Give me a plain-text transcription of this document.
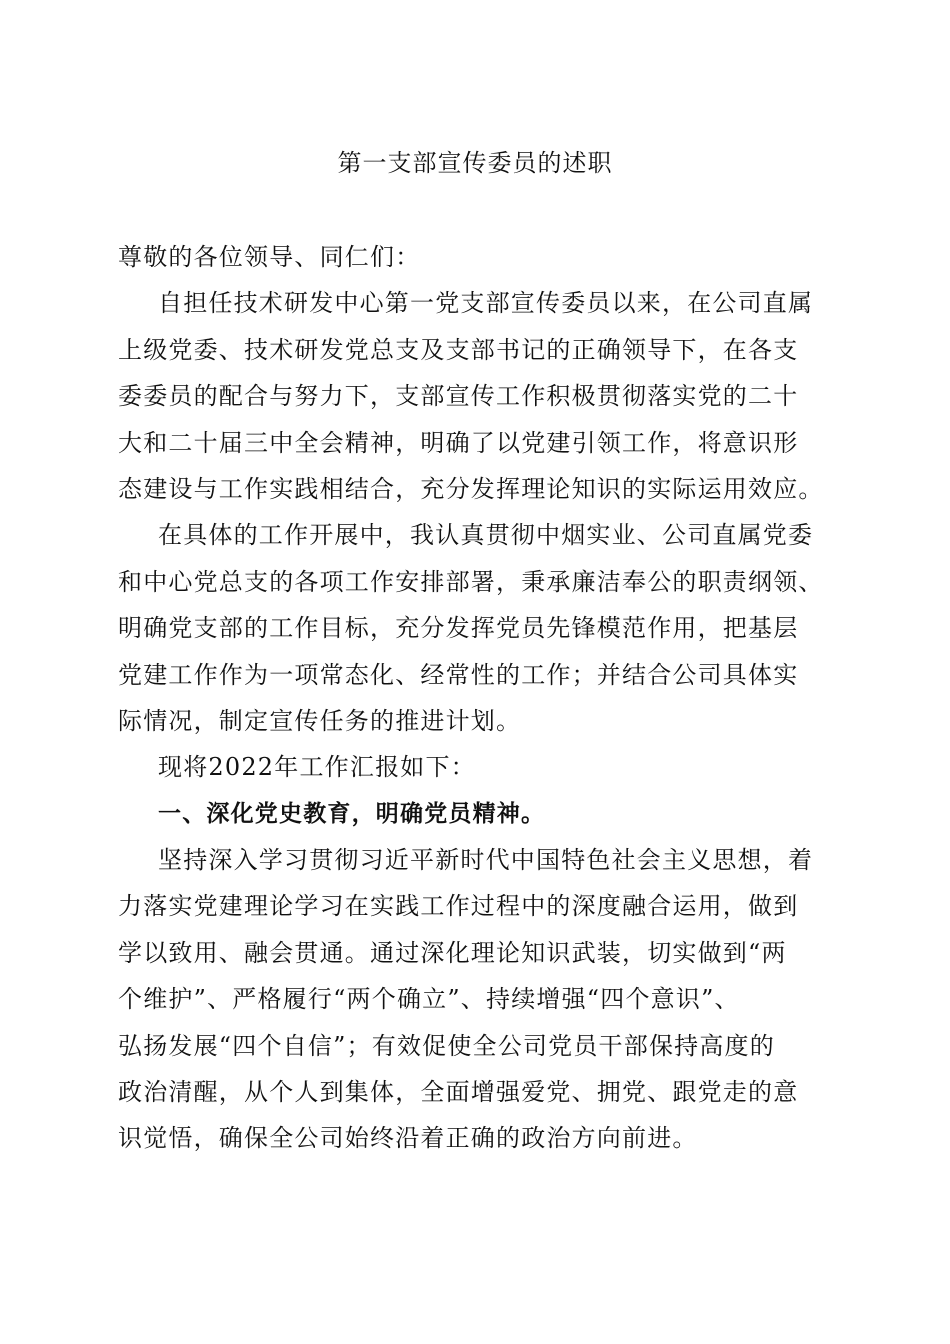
第一支部宣传委员的述职
尊敬的各位领导、同仁们：
自担任技术研发中心第一党支部宣传委员以来，在公司直属
上级党委、技术研发党总支及支部书记的正确领导下，在各支
委委员的配合与努力下，支部宣传工作积极贯彻落实党的二十
大和二十届三中全会精神，明确了以党建引领工作，将意识形
态建设与工作实践相结合，充分发挥理论知识的实际运用效应。
在具体的工作开展中，我认真贯彻中烟实业、公司直属党委
和中心党总支的各项工作安排部署，秉承廉洁奉公的职责纲领、
明确党支部的工作目标，充分发挥党员先锋模范作用，把基层
党建工作作为一项常态化、经常性的工作；并结合公司具体实
际情况，制定宣传任务的推进计划。
现将2022年工作汇报如下：
一、深化党史教育，明确党员精神。
坚持深入学习贯彻习近平新时代中国特色社会主义思想，着
力落实党建理论学习在实践工作过程中的深度融合运用，做到
学以致用、融会贯通。通过深化理论知识武装，切实做到“两
个维护”、严格履行“两个确立”、持续增强“四个意识”、
弘扬发展“四个自信”；有效促使全公司党员干部保持高度的
政治清醒，从个人到集体，全面增强爱党、拥党、跟党走的意
识觉悟，确保全公司始终沿着正确的政治方向前进。
